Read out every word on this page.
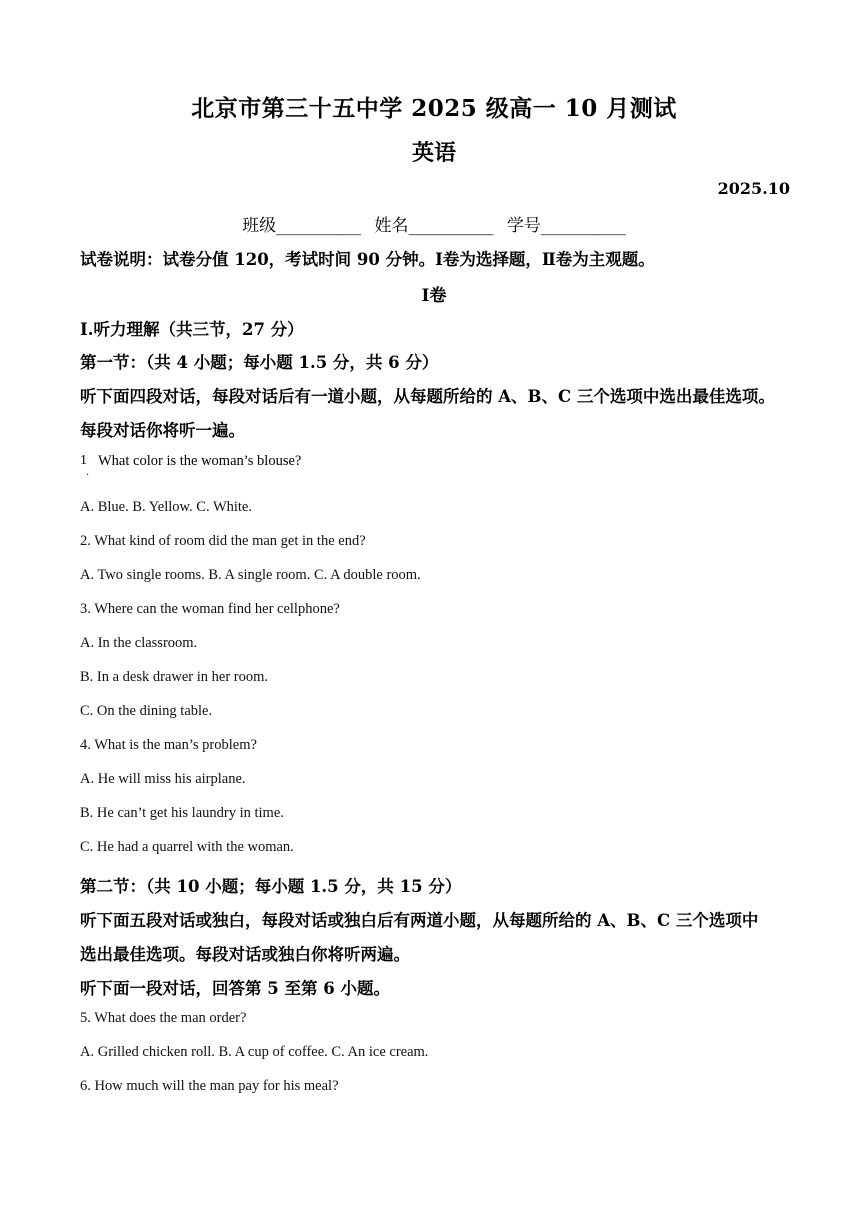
北京市第三十五中学 2025 级高一 10 月测试
英语
2025.10
班级__________ 姓名__________ 学号__________
试卷说明：试卷分值 120，考试时间 90 分钟。Ⅰ卷为选择题，Ⅱ卷为主观题。
Ⅰ卷
Ⅰ.听力理解（共三节，27 分）
第一节：（共 4 小题；每小题 1.5 分，共 6 分）
听下面四段对话，每段对话后有一道小题，从每题所给的 A、B、C 三个选项中选出最佳选项。
每段对话你将听一遍。
1
.
What color is the woman’s blouse?
A. Blue. B. Yellow. C. White.
2. What kind of room did the man get in the end?
A. Two single rooms. B. A single room. C. A double room.
3. Where can the woman find her cellphone?
A. In the classroom.
B. In a desk drawer in her room.
C. On the dining table.
4. What is the man’s problem?
A. He will miss his airplane.
B. He can’t get his laundry in time.
C. He had a quarrel with the woman.
第二节：（共 10 小题；每小题 1.5 分，共 15 分）
听下面五段对话或独白，每段对话或独白后有两道小题，从每题所给的 A、B、C 三个选项中
选出最佳选项。每段对话或独白你将听两遍。
听下面一段对话，回答第 5 至第 6 小题。
5. What does the man order?
A. Grilled chicken roll. B. A cup of coffee. C. An ice cream.
6. How much will the man pay for his meal?
